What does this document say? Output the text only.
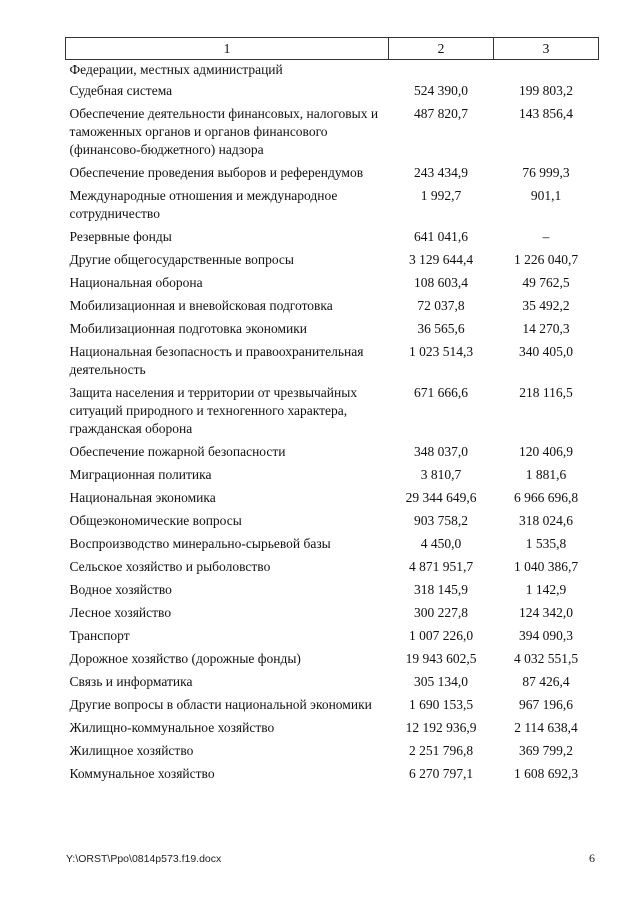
1	2	3
Федерации, местных администраций		
Судебная система	524 390,0	199 803,2
Обеспечение деятельности финансовых, налоговых и таможенных органов и органов финансового (финансово-бюджетного) надзора	487 820,7	143 856,4
Обеспечение проведения выборов и референдумов	243 434,9	76 999,3
Международные отношения и международное сотрудничество	1 992,7	901,1
Резервные фонды	641 041,6	–
Другие общегосударственные вопросы	3 129 644,4	1 226 040,7
Национальная оборона	108 603,4	49 762,5
Мобилизационная и вневойсковая подготовка	72 037,8	35 492,2
Мобилизационная подготовка экономики	36 565,6	14 270,3
Национальная безопасность и правоохранительная деятельность	1 023 514,3	340 405,0
Защита населения и территории от чрезвычайных ситуаций природного и техногенного характера, гражданская оборона	671 666,6	218 116,5
Обеспечение пожарной безопасности	348 037,0	120 406,9
Миграционная политика	3 810,7	1 881,6
Национальная экономика	29 344 649,6	6 966 696,8
Общеэкономические вопросы	903 758,2	318 024,6
Воспроизводство минерально-сырьевой базы	4 450,0	1 535,8
Сельское хозяйство и рыболовство	4 871 951,7	1 040 386,7
Водное хозяйство	318 145,9	1 142,9
Лесное хозяйство	300 227,8	124 342,0
Транспорт	1 007 226,0	394 090,3
Дорожное хозяйство (дорожные фонды)	19 943 602,5	4 032 551,5
Связь и информатика	305 134,0	87 426,4
Другие вопросы в области национальной экономики	1 690 153,5	967 196,6
Жилищно-коммунальное хозяйство	12 192 936,9	2 114 638,4
Жилищное хозяйство	2 251 796,8	369 799,2
Коммунальное хозяйство	6 270 797,1	1 608 692,3
Y:\ORST\Ppo\0814p573.f19.docx	6
